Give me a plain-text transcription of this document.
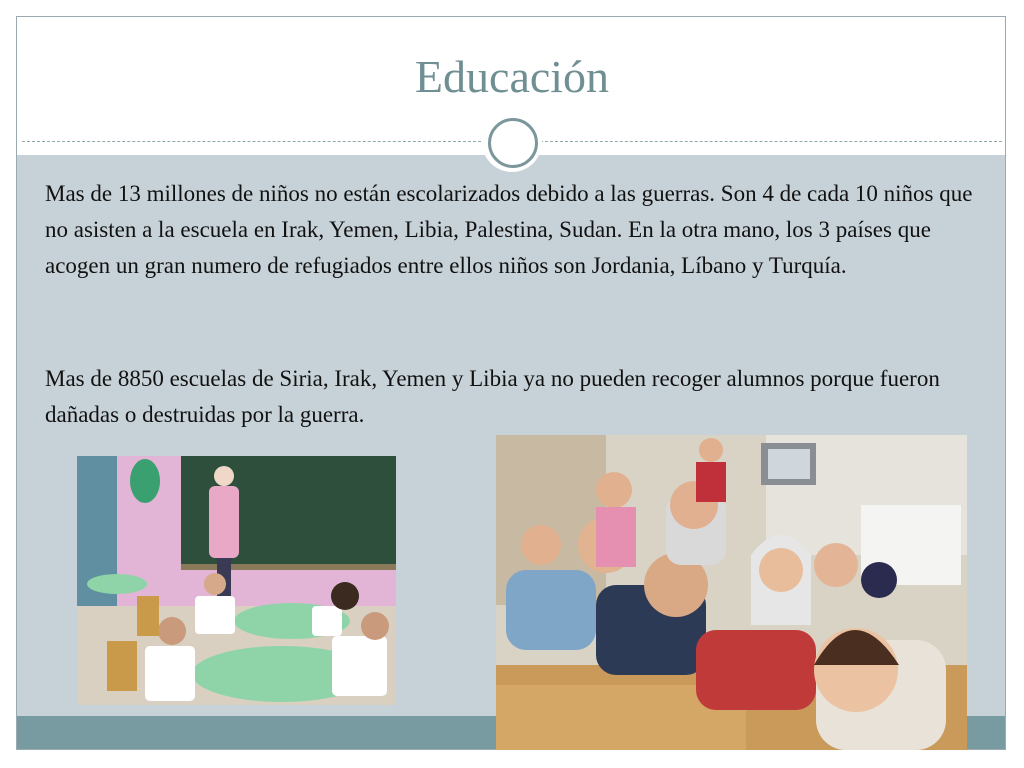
Educación

Mas de 13 millones de niños no están escolarizados debido a las guerras. Son 4 de cada 10 niños que no asisten a la escuela en Irak, Yemen, Libia, Palestina, Sudan. En la otra mano, los 3 países que acogen un gran numero de refugiados entre ellos niños son Jordania, Líbano y Turquía.

Mas de 8850 escuelas de Siria, Irak, Yemen y Libia ya no pueden recoger alumnos porque fueron dañadas o destruidas por la guerra.
